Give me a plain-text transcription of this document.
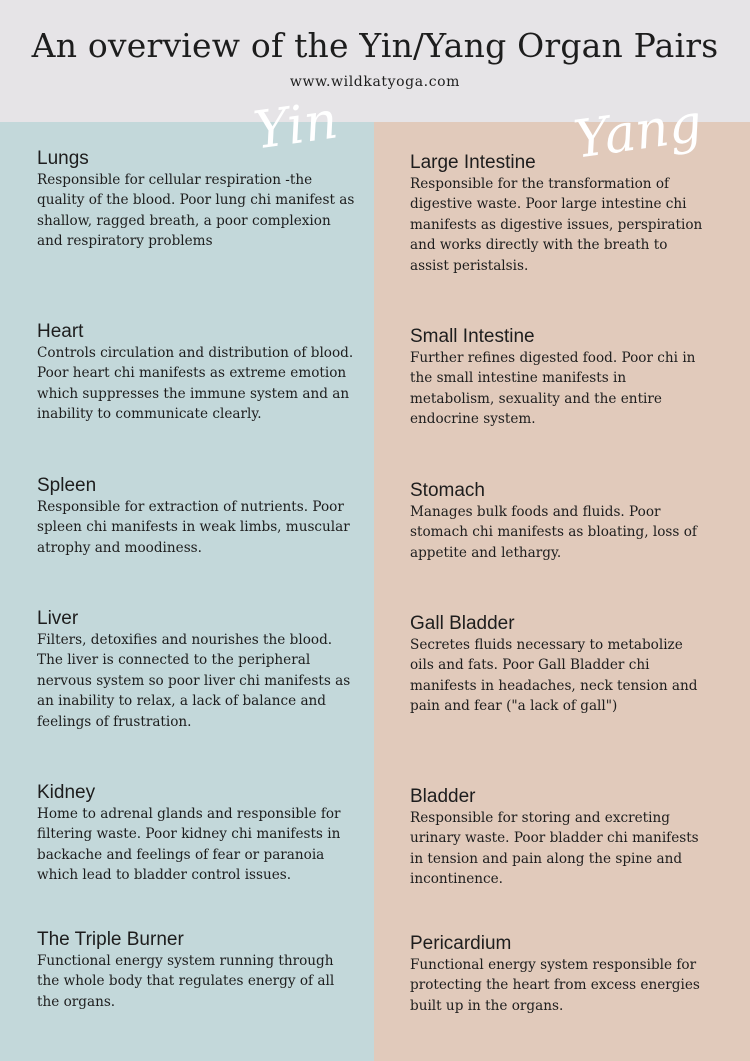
An overview of the Yin/Yang Organ Pairs
www.wildkatyoga.com
Yin	Yang
Lungs
Responsible for cellular respiration -the quality of the blood. Poor lung chi manifest as shallow, ragged breath, a poor complexion and respiratory problems
Heart
Controls circulation and distribution of blood. Poor heart chi manifests as extreme emotion which suppresses the immune system and an inability to communicate clearly.
Spleen
Responsible for extraction of nutrients. Poor spleen chi manifests in weak limbs, muscular atrophy and moodiness.
Liver
Filters, detoxifies and nourishes the blood. The liver is connected to the peripheral nervous system so poor liver chi manifests as an inability to relax, a lack of balance and feelings of frustration.
Kidney
Home to adrenal glands and responsible for filtering waste. Poor kidney chi manifests in backache and feelings of fear or paranoia which lead to bladder control issues.
The Triple Burner
Functional energy system running through the whole body that regulates energy of all the organs.
Large Intestine
Responsible for the transformation of digestive waste. Poor large intestine chi manifests as digestive issues, perspiration and works directly with the breath to assist peristalsis.
Small Intestine
Further refines digested food. Poor chi in the small intestine manifests in metabolism, sexuality and the entire endocrine system.
Stomach
Manages bulk foods and fluids. Poor stomach chi manifests as bloating, loss of appetite and lethargy.
Gall Bladder
Secretes fluids necessary to metabolize oils and fats. Poor Gall Bladder chi manifests in headaches, neck tension and pain and fear ("a lack of gall")
Bladder
Responsible for storing and excreting urinary waste. Poor bladder chi manifests in tension and pain along the spine and incontinence.
Pericardium
Functional energy system responsible for protecting the heart from excess energies built up in the organs.
